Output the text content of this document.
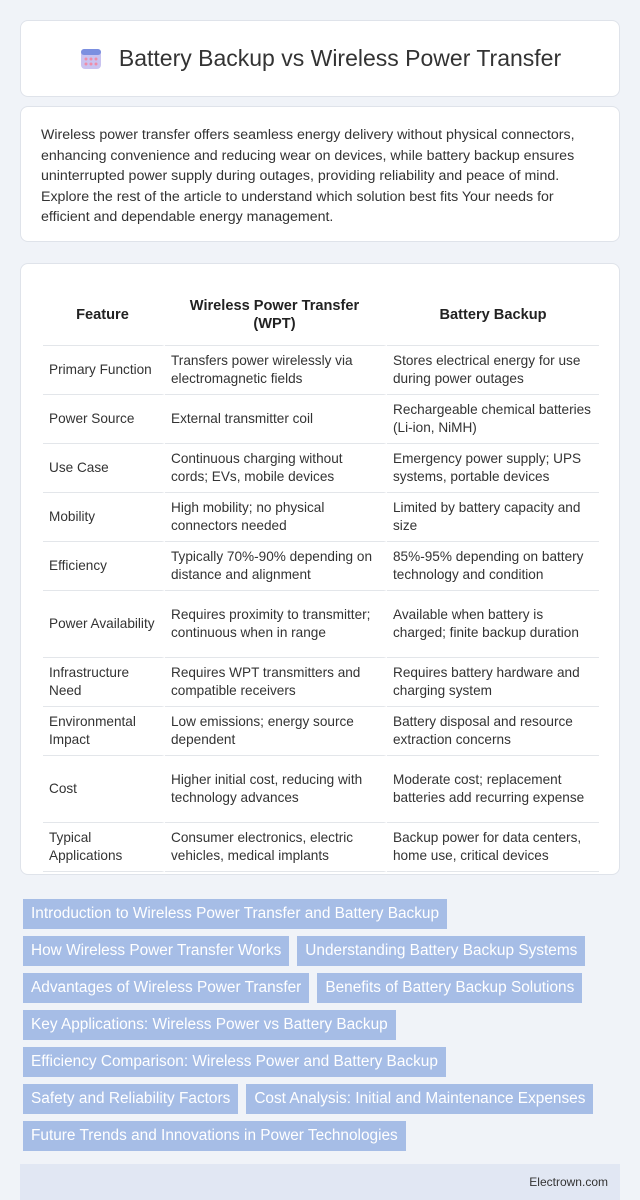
Battery Backup vs Wireless Power Transfer

Wireless power transfer offers seamless energy delivery without physical connectors, enhancing convenience and reducing wear on devices, while battery backup ensures uninterrupted power supply during outages, providing reliability and peace of mind. Explore the rest of the article to understand which solution best fits Your needs for efficient and dependable energy management.

Feature	Wireless Power Transfer (WPT)	Battery Backup
Primary Function	Transfers power wirelessly via electromagnetic fields	Stores electrical energy for use during power outages
Power Source	External transmitter coil	Rechargeable chemical batteries (Li-ion, NiMH)
Use Case	Continuous charging without cords; EVs, mobile devices	Emergency power supply; UPS systems, portable devices
Mobility	High mobility; no physical connectors needed	Limited by battery capacity and size
Efficiency	Typically 70%-90% depending on distance and alignment	85%-95% depending on battery technology and condition
Power Availability	Requires proximity to transmitter; continuous when in range	Available when battery is charged; finite backup duration
Infrastructure Need	Requires WPT transmitters and compatible receivers	Requires battery hardware and charging system
Environmental Impact	Low emissions; energy source dependent	Battery disposal and resource extraction concerns
Cost	Higher initial cost, reducing with technology advances	Moderate cost; replacement batteries add recurring expense
Typical Applications	Consumer electronics, electric vehicles, medical implants	Backup power for data centers, home use, critical devices
Introduction to Wireless Power Transfer and Battery Backup
How Wireless Power Transfer Works	Understanding Battery Backup Systems
Advantages of Wireless Power Transfer	Benefits of Battery Backup Solutions
Key Applications: Wireless Power vs Battery Backup
Efficiency Comparison: Wireless Power and Battery Backup
Safety and Reliability Factors	Cost Analysis: Initial and Maintenance Expenses
Future Trends and Innovations in Power Technologies
Electrown.com
